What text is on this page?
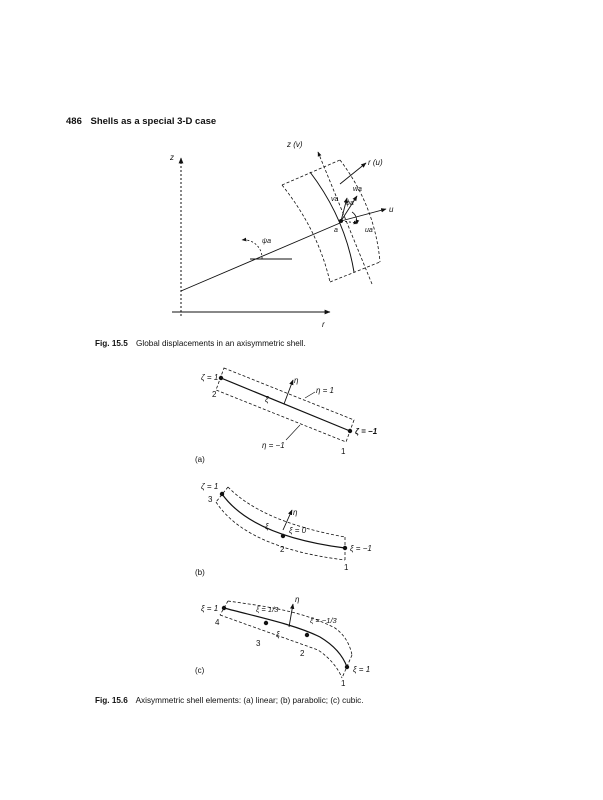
486 Shells as a special 3-D case
z
r
ψa
z (v)
r (u)
va
wa
ϕa
u
ua
a
Fig. 15.5 Global displacements in an axisymmetric shell.
ζ = 1
2
η
η = 1
ξ
ζ = −1
η = −1
1
(a)
ζ = 1
3
η
ξ	ξ = 0
2	ξ = −1
1
(b)
ξ = 1
4
ξ = 1/3
η
ξ = −1/3
ξ
3
2
ξ = 1
1
(c)
Fig. 15.6 Axisymmetric shell elements: (a) linear; (b) parabolic; (c) cubic.
